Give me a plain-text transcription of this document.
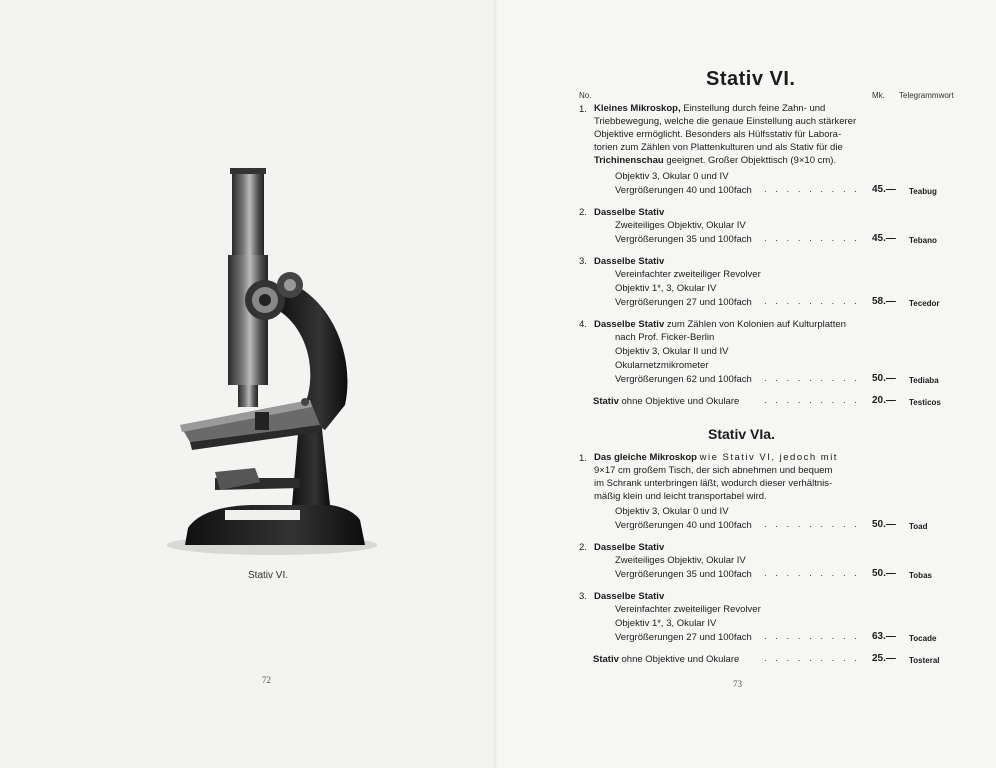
Stativ VI.
72
Stativ VI.
No.	Mk. Telegrammwort
1. Kleines Mikroskop, Einstellung durch feine Zahn- und
Triebbewegung, welche die genaue Einstellung auch stärkerer
Objektive ermöglicht. Besonders als Hülfsstativ für Labora-
torien zum Zählen von Plattenkulturen und als Stativ für die
Trichinenschau geeignet. Großer Objekttisch (9×10 cm).
Objektiv 3, Okular 0 und IV
Vergrößerungen 40 und 100fach . . . . . . . . . 45.— Teabug
2. Dasselbe Stativ
Zweiteiliges Objektiv, Okular IV
Vergrößerungen 35 und 100fach . . . . . . . . . 45.— Tebano
3. Dasselbe Stativ
Vereinfachter zweiteiliger Revolver
Objektiv 1*, 3, Okular IV
Vergrößerungen 27 und 100fach . . . . . . . . . 58.— Tecedor
4. Dasselbe Stativ zum Zählen von Kolonien auf Kulturplatten
nach Prof. Ficker-Berlin
Objektiv 3, Okular II und IV
Okularnetzmikrometer
Vergrößerungen 62 und 100fach . . . . . . . . . 50.— Tediaba
Stativ ohne Objektive und Okulare	. . . . . . . . . 20.— Testicos
Stativ VIa.
1. Das gleiche Mikroskop wie Stativ VI, jedoch mit
9×17 cm großem Tisch, der sich abnehmen und bequem
im Schrank unterbringen läßt, wodurch dieser verhältnis-
mäßig klein und leicht transportabel wird.
Objektiv 3, Okular 0 und IV
Vergrößerungen 40 und 100fach . . . . . . . . . 50.— Toad
2. Dasselbe Stativ
Zweiteiliges Objektiv, Okular IV
Vergrößerungen 35 und 100fach . . . . . . . . . 50.— Tobas
3. Dasselbe Stativ
Vereinfachter zweiteiliger Revolver
Objektiv 1*, 3, Okular IV
Vergrößerungen 27 und 100fach . . . . . . . . . 63.— Tocade
Stativ ohne Objektive und Okulare	. . . . . . . . . 25.— Tosteral
73
